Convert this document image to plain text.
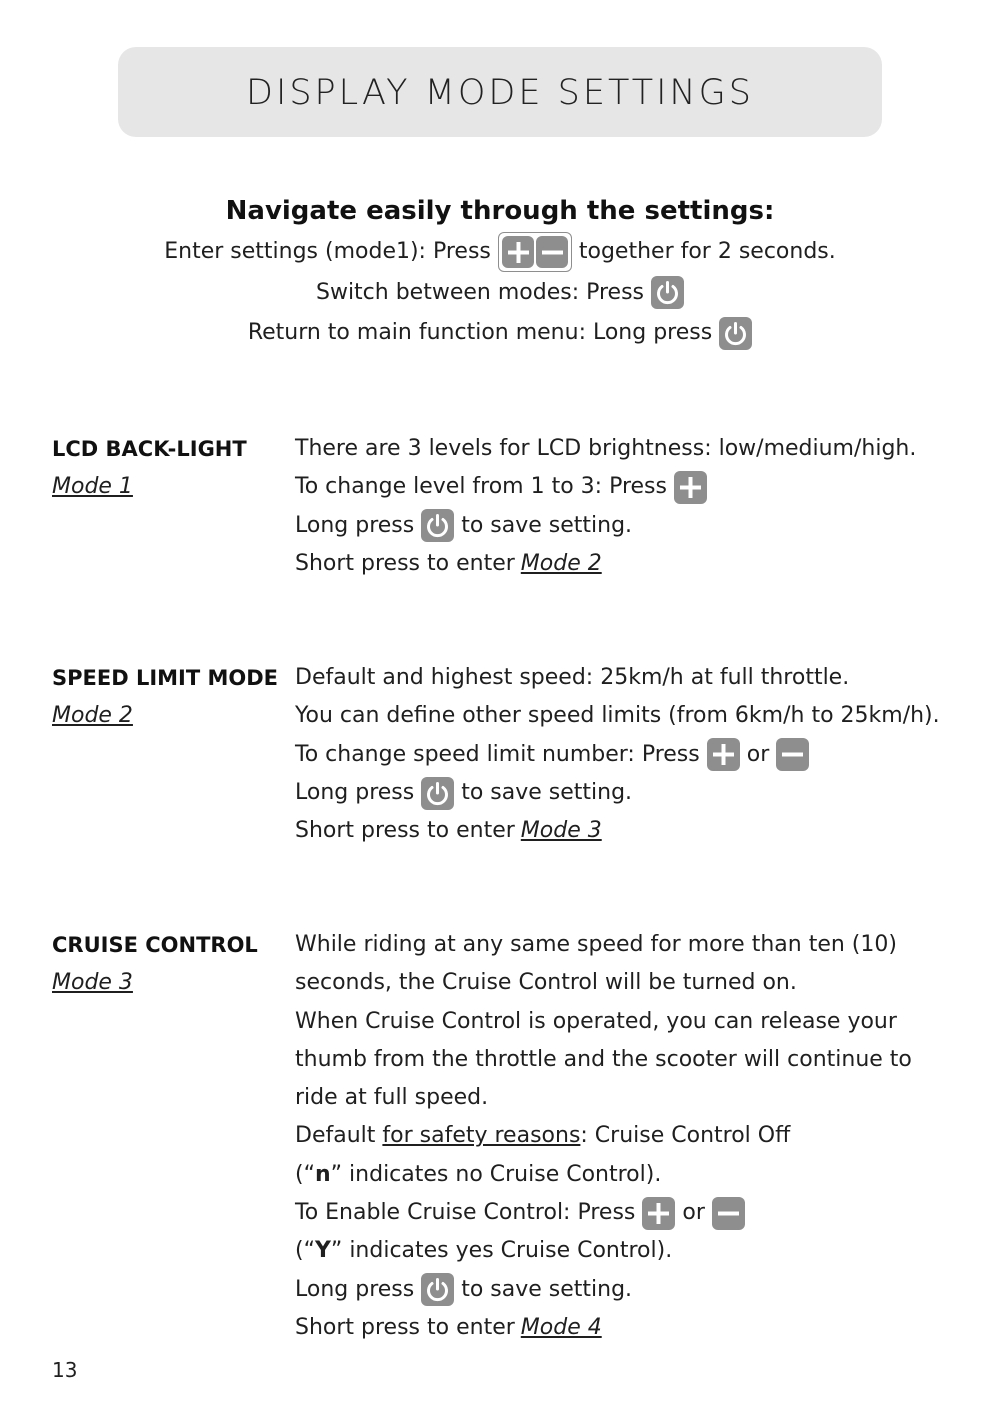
DISPLAY MODE SETTINGS
Navigate easily through the settings:
Enter settings (mode1): Press	together for 2 seconds.
Switch between modes: Press
Return to main function menu: Long press
LCD BACK-LIGHT
Mode 1
There are 3 levels for LCD brightness: low/medium/high.
To change level from 1 to 3: Press
Long press to save setting.
Short press to enter Mode 2
SPEED LIMIT MODE
Mode 2
Default and highest speed: 25km/h at full throttle.
You can define other speed limits (from 6km/h to 25km/h).
To change speed limit number: Press or
Long press to save setting.
Short press to enter Mode 3
CRUISE CONTROL
Mode 3
While riding at any same speed for more than ten (10)
seconds, the Cruise Control will be turned on.
When Cruise Control is operated, you can release your
thumb from the throttle and the scooter will continue to
ride at full speed.
Default
for safety reasons : Cruise Control Off
(“ n ” indicates no Cruise Control).
To Enable Cruise Control: Press or
(“ Y ” indicates yes Cruise Control).
Long press to save setting.
Short press to enter Mode 4
13
